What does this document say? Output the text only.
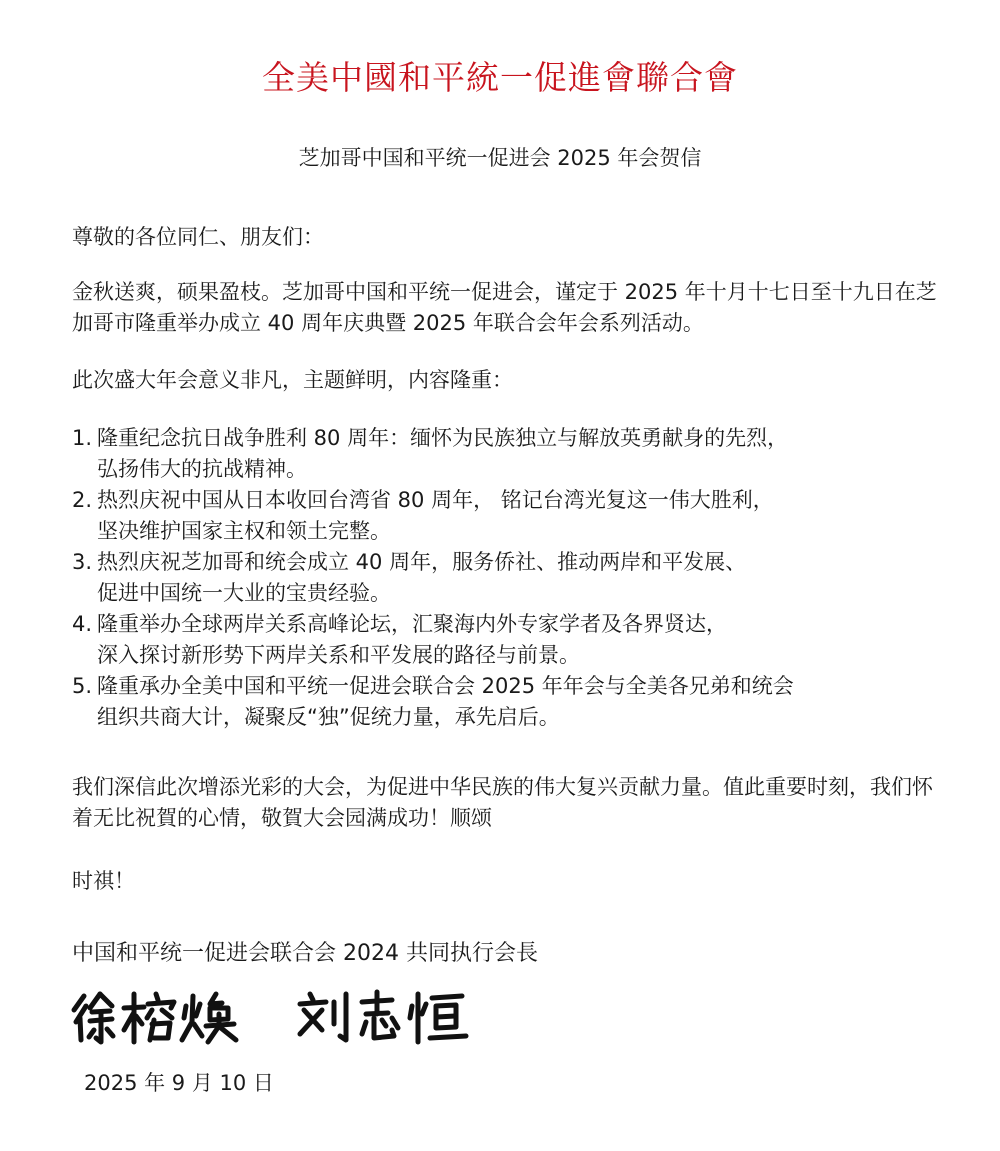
全美中國和平統一促進會聯合會
芝加哥中国和平统一促进会 2025 年会贺信
尊敬的各位同仁、朋友们：
金秋送爽，硕果盈枝。芝加哥中国和平统一促进会，谨定于 2025 年十月十七日至十九日在芝加哥市隆重举办成立 40 周年庆典暨 2025 年联合会年会系列活动。
此次盛大年会意义非凡，主题鲜明，内容隆重：
1. 隆重纪念抗日战争胜利 80 周年：缅怀为民族独立与解放英勇献身的先烈，
弘扬伟大的抗战精神。
2. 热烈庆祝中国从日本收回台湾省 80 周年， 铭记台湾光复这一伟大胜利，
坚决维护国家主权和领土完整。
3. 热烈庆祝芝加哥和统会成立 40 周年，服务侨社、推动两岸和平发展、
促进中国统一大业的宝贵经验。
4. 隆重举办全球两岸关系高峰论坛，汇聚海内外专家学者及各界贤达，
深入探讨新形势下两岸关系和平发展的路径与前景。
5. 隆重承办全美中国和平统一促进会联合会 2025 年年会与全美各兄弟和统会
组织共商大计，凝聚反“独”促统力量，承先启后。
我们深信此次增添光彩的大会，为促进中华民族的伟大复兴贡献力量。值此重要时刻，我们怀着无比祝賀的心情，敬賀大会园满成功！顺颂
时祺！
中国和平统一促进会联合会 2024 共同执行会長
2025 年 9 月 10 日
